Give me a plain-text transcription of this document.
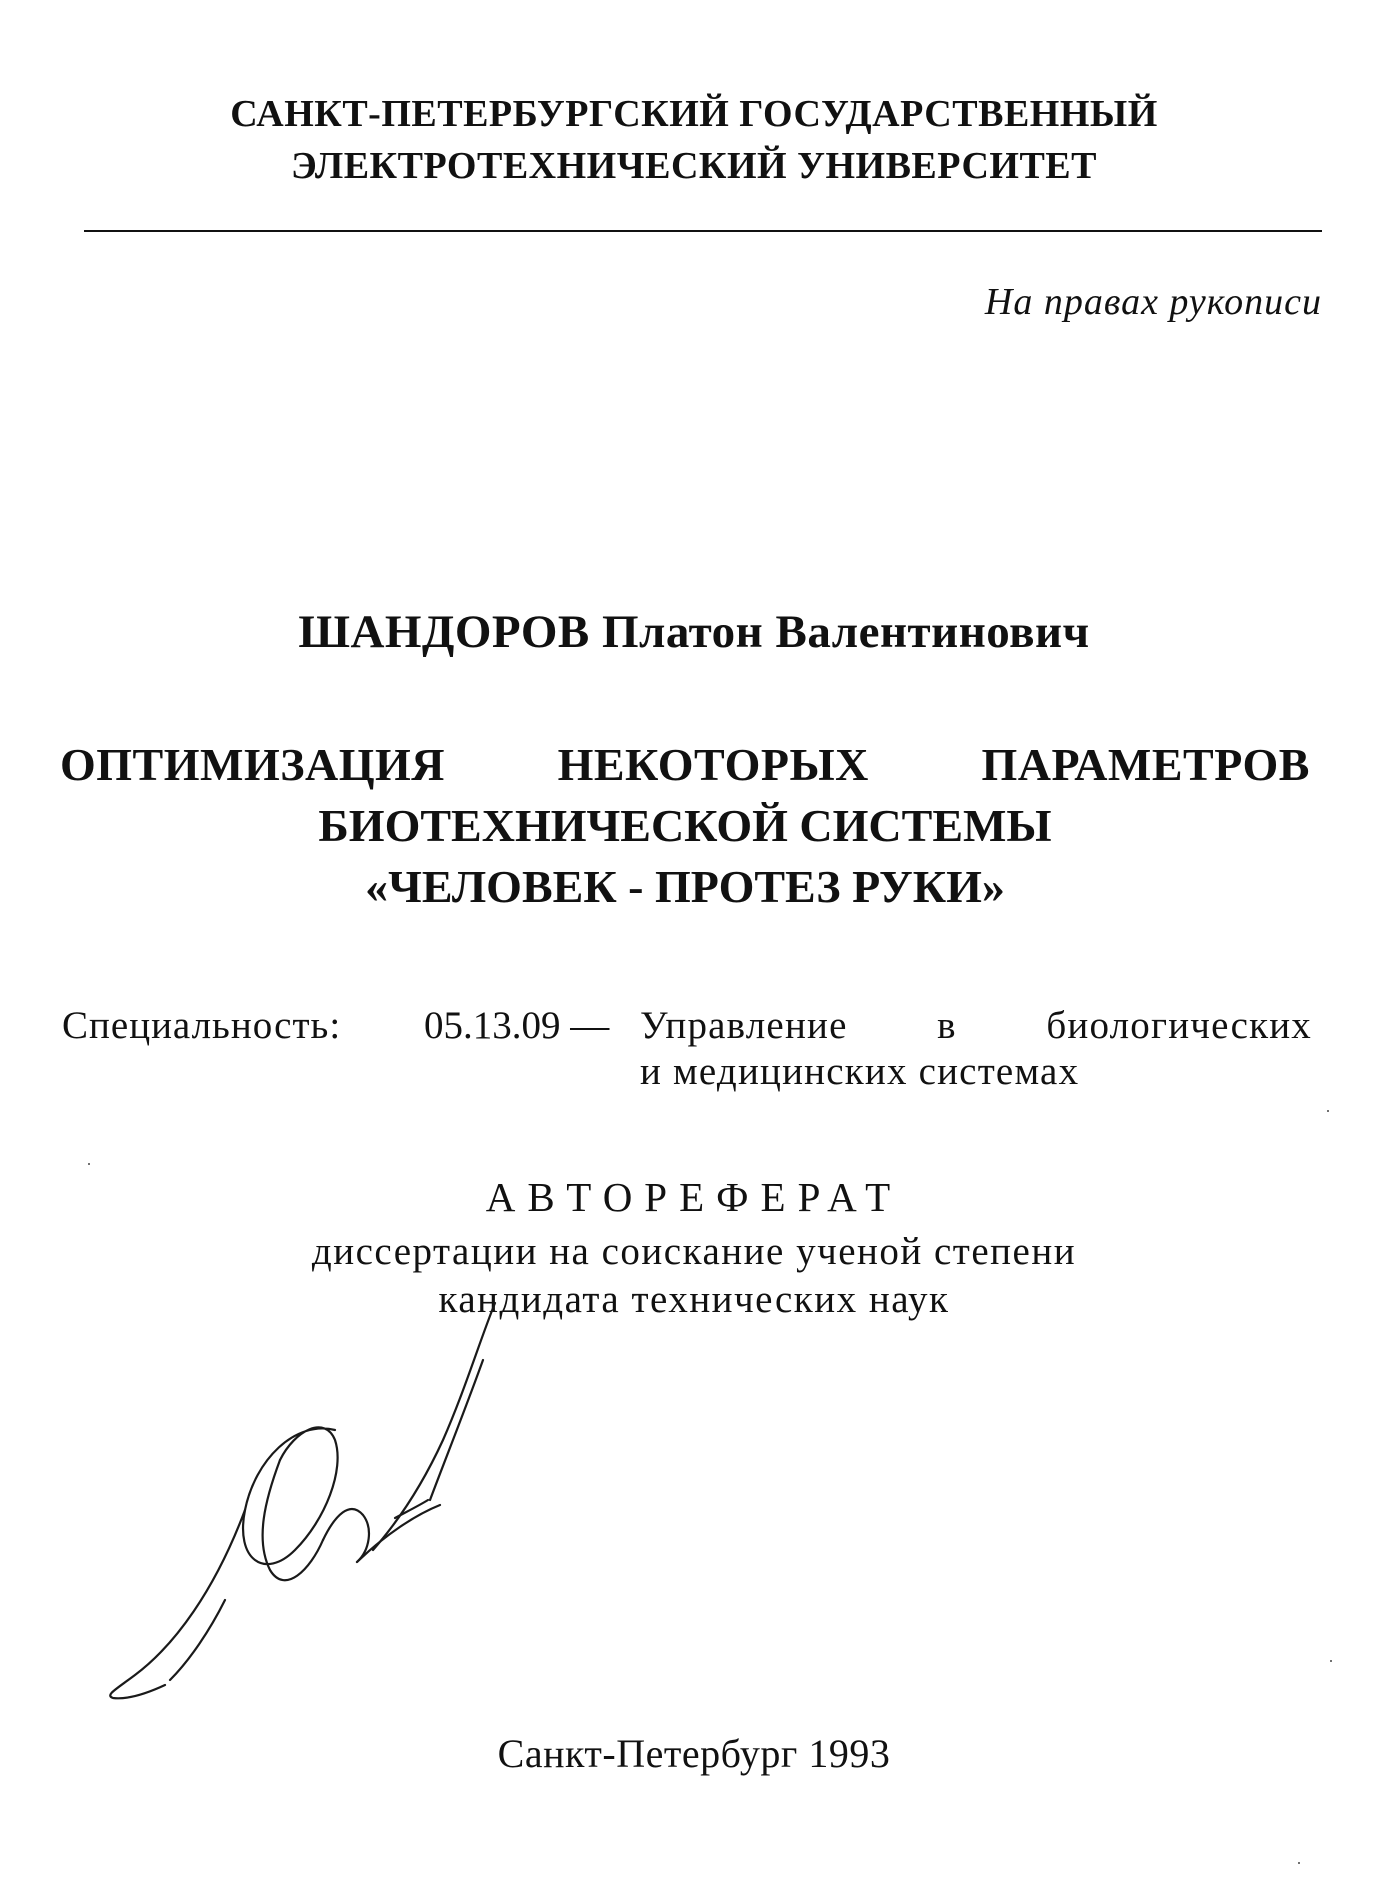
САНКТ-ПЕТЕРБУРГСКИЙ ГОСУДАРСТВЕННЫЙ
ЭЛЕКТРОТЕХНИЧЕСКИЙ УНИВЕРСИТЕТ
На правах рукописи
ШАНДОРОВ Платон Валентинович
ОПТИМИЗАЦИЯ НЕКОТОРЫХ ПАРАМЕТРОВ
БИОТЕХНИЧЕСКОЙ СИСТЕМЫ
«ЧЕЛОВЕК - ПРОТЕЗ РУКИ»
Специальность: 05.13.09 — Управление в биологических
и медицинских системах
АВТОРЕФЕРАТ
диссертации на соискание ученой степени
кандидата технических наук
Санкт-Петербург 1993
